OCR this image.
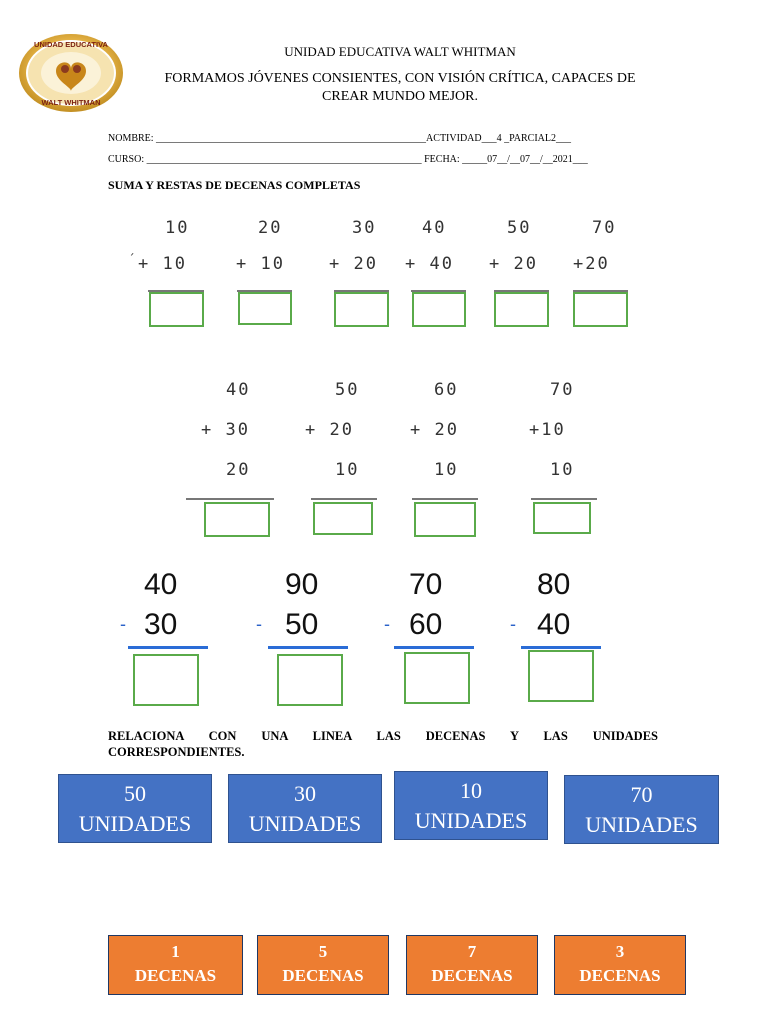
UNIDAD EDUCATIVA
WALT WHITMAN
UNIDAD EDUCATIVA WALT WHITMAN
FORMAMOS JÓVENES CONSIENTES, CON VISIÓN CRÍTICA, CAPACES DE
CREAR MUNDO MEJOR.
NOMBRE: ______________________________________________________ACTIVIDAD___4 _PARCIAL2___
CURSO: _______________________________________________________ FECHA: _____07__/__07__/__2021___
SUMA Y RESTAS DE DECENAS COMPLETAS
10
´ + 10
20
+ 10
30
+ 20
40
+ 40
50
+ 20
70
+20
40
+ 30
20
50
+ 20
10
60
+ 20
10
70
+10
10
40
- 30
90
- 50
70
- 60
80
- 40
RELACIONA CON UNA LINEA LAS DECENAS Y LAS UNIDADES
CORRESPONDIENTES.
50
UNIDADES
30
UNIDADES
10
UNIDADES
70
UNIDADES
1
DECENAS
5
DECENAS
7
DECENAS
3
DECENAS
